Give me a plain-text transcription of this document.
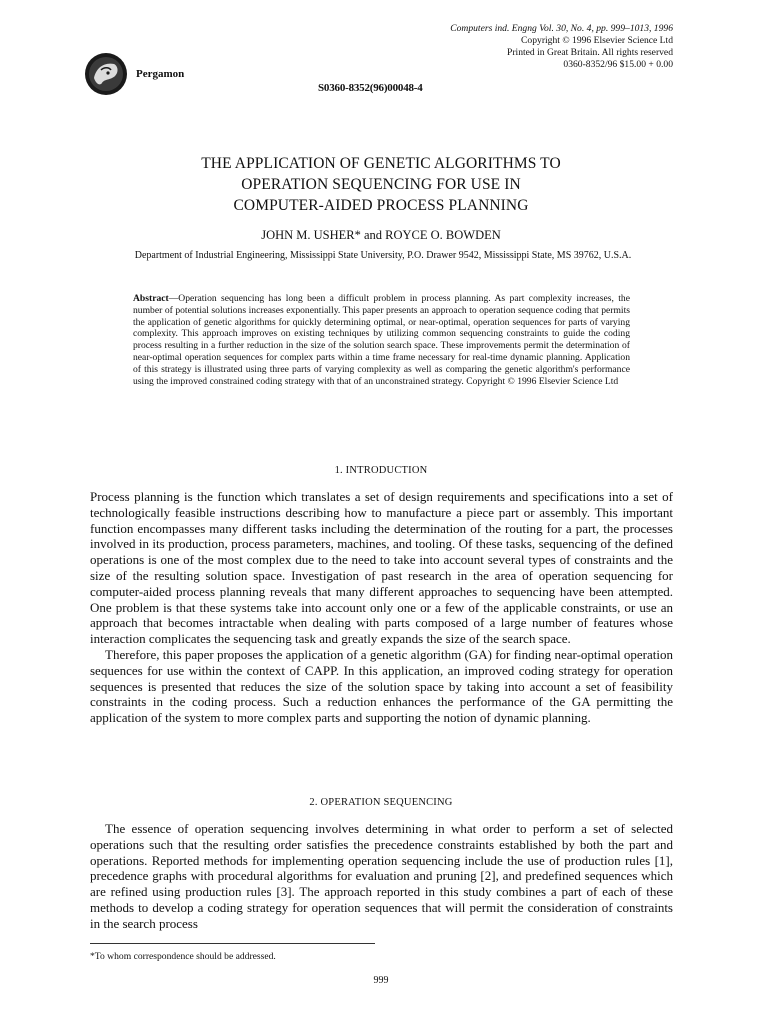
Pergamon
S0360-8352(96)00048-4
Computers ind. Engng Vol. 30, No. 4, pp. 999–1013, 1996
Copyright © 1996 Elsevier Science Ltd
Printed in Great Britain. All rights reserved
0360-8352/96 $15.00 + 0.00
THE APPLICATION OF GENETIC ALGORITHMS TO
OPERATION SEQUENCING FOR USE IN
COMPUTER-AIDED PROCESS PLANNING
JOHN M. USHER* and ROYCE O. BOWDEN
Department of Industrial Engineering, Mississippi State University, P.O. Drawer 9542, Mississippi State, MS 39762, U.S.A.
Abstract—Operation sequencing has long been a difficult problem in process planning. As part complexity increases, the number of potential solutions increases exponentially. This paper presents an approach to operation sequence coding that permits the application of genetic algorithms for quickly determining optimal, or near-optimal, operation sequences for parts of varying complexity. This approach improves on existing techniques by utilizing common sequencing constraints to guide the coding process resulting in a further reduction in the size of the solution search space. These improvements permit the determination of near-optimal operation sequences for complex parts within a time frame necessary for real-time dynamic planning. Application of this strategy is illustrated using three parts of varying complexity as well as comparing the genetic algorithm's performance using the improved constrained coding strategy with that of an unconstrained strategy. Copyright © 1996 Elsevier Science Ltd
1. INTRODUCTION

Process planning is the function which translates a set of design requirements and specifications into a set of technologically feasible instructions describing how to manufacture a piece part or assembly. This important function encompasses many different tasks including the determination of the routing for a part, the processes involved in its production, process parameters, machines, and tooling. Of these tasks, sequencing of the defined operations is one of the most complex due to the need to take into account several types of constraints and the size of the resulting solution space. Investigation of past research in the area of operation sequencing for computer-aided process planning reveals that many different approaches to sequencing have been attempted. One problem is that these systems take into account only one or a few of the applicable constraints, or use an approach that becomes intractable when dealing with parts composed of a large number of features whose interaction complicates the sequencing task and greatly expands the size of the search space.

Therefore, this paper proposes the application of a genetic algorithm (GA) for finding near-optimal operation sequences for use within the context of CAPP. In this application, an improved coding strategy for operation sequences is presented that reduces the size of the solution space by taking into account a set of feasibility constraints in the coding process. Such a reduction enhances the performance of the GA permitting the application of the system to more complex parts and supporting the notion of dynamic planning.

2. OPERATION SEQUENCING

The essence of operation sequencing involves determining in what order to perform a set of selected operations such that the resulting order satisfies the precedence constraints established by both the part and operations. Reported methods for implementing operation sequencing include the use of production rules [1], precedence graphs with procedural algorithms for evaluation and pruning [2], and predefined sequences which are refined using production rules [3]. The approach reported in this study combines a part of each of these methods to develop a coding strategy for operation sequences that will permit the consideration of constraints in the search process

*To whom correspondence should be addressed.
999
